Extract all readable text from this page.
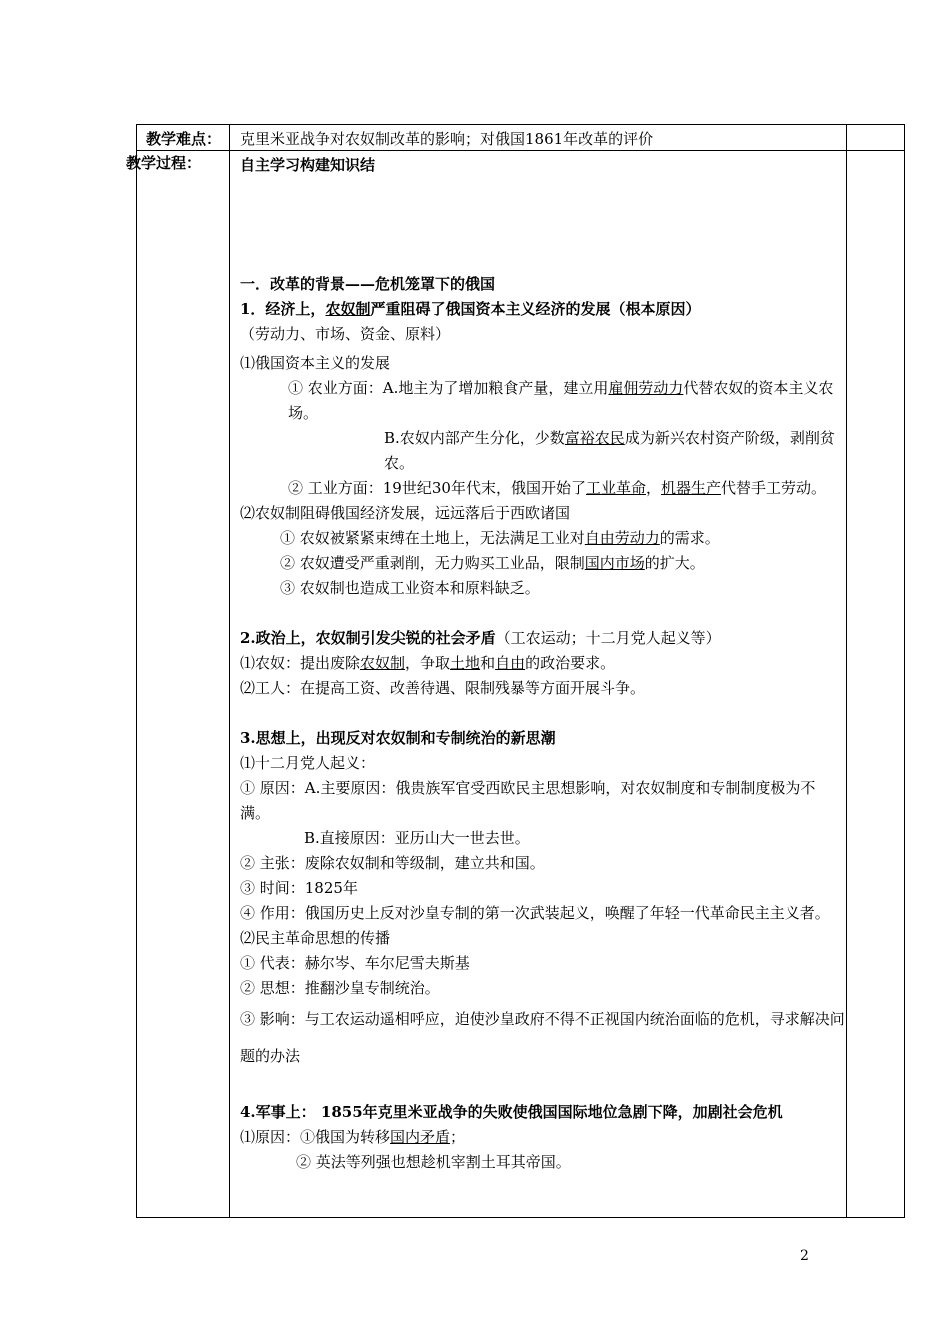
教学难点： 克里米亚战争对农奴制改革的影响；对俄国1861年改革的评价
教学过程：	自主学习构建知识结

一．改革的背景——危机笼罩下的俄国

1．经济上，农奴制严重阻碍了俄国资本主义经济的发展（根本原因）

（劳动力、市场、资金、原料）

⑴俄国资本主义的发展

① 农业方面：A.地主为了增加粮食产量，建立用雇佣劳动力代替农奴的资本主义农场。

B.农奴内部产生分化，少数富裕农民成为新兴农村资产阶级，剥削贫农。

② 工业方面：19世纪30年代末，俄国开始了工业革命，机器生产代替手工劳动。

⑵农奴制阻碍俄国经济发展，远远落后于西欧诸国

① 农奴被紧紧束缚在土地上，无法满足工业对自由劳动力的需求。

② 农奴遭受严重剥削，无力购买工业品，限制国内市场的扩大。

③ 农奴制也造成工业资本和原料缺乏。

2.政治上，农奴制引发尖锐的社会矛盾（工农运动；十二月党人起义等）

⑴农奴：提出废除农奴制，争取土地和自由的政治要求。

⑵工人：在提高工资、改善待遇、限制残暴等方面开展斗争。

3.思想上，出现反对农奴制和专制统治的新思潮

⑴十二月党人起义：

① 原因：A.主要原因：俄贵族军官受西欧民主思想影响，对农奴制度和专制制度极为不满。

B.直接原因：亚历山大一世去世。

② 主张：废除农奴制和等级制，建立共和国。

③ 时间：1825年

④ 作用：俄国历史上反对沙皇专制的第一次武装起义，唤醒了年轻一代革命民主主义者。

⑵民主革命思想的传播

① 代表：赫尔岑、车尔尼雪夫斯基

② 思想：推翻沙皇专制统治。

③ 影响：与工农运动遥相呼应，迫使沙皇政府不得不正视国内统治面临的危机，寻求解决问题的办法

4.军事上： 1855年克里米亚战争的失败使俄国国际地位急剧下降，加剧社会危机

⑴原因：①俄国为转移国内矛盾；

② 英法等列强也想趁机宰割土耳其帝国。

2
